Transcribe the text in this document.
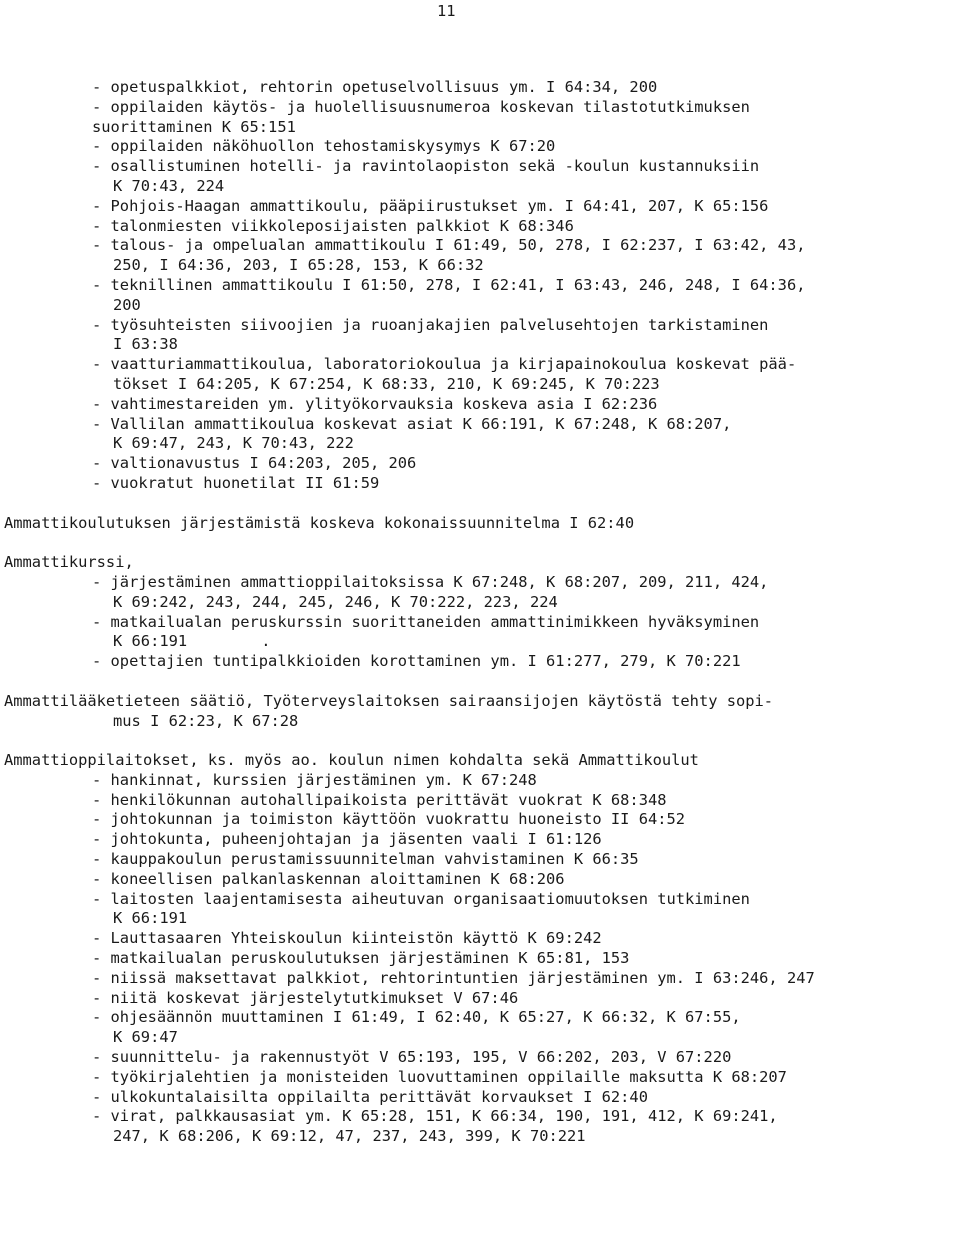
11
- opetuspalkkiot, rehtorin opetuselvollisuus ym. I 64:34, 200
- oppilaiden käytös- ja huolellisuusnumeroa koskevan tilastotutkimuksen
suorittaminen K 65:151
- oppilaiden näköhuollon tehostamiskysymys K 67:20
- osallistuminen hotelli- ja ravintolaopiston sekä -koulun kustannuksiin
K 70:43, 224
- Pohjois-Haagan ammattikoulu, pääpiirustukset ym. I 64:41, 207, K 65:156
- talonmiesten viikkoleposijaisten palkkiot K 68:346
- talous- ja ompelualan ammattikoulu I 61:49, 50, 278, I 62:237, I 63:42, 43,
250, I 64:36, 203, I 65:28, 153, K 66:32
- teknillinen ammattikoulu I 61:50, 278, I 62:41, I 63:43, 246, 248, I 64:36,
200
- työsuhteisten siivoojien ja ruoanjakajien palvelusehtojen tarkistaminen
I 63:38
- vaatturiammattikoulua, laboratoriokoulua ja kirjapainokoulua koskevat pää-
tökset I 64:205, K 67:254, K 68:33, 210, K 69:245, K 70:223
- vahtimestareiden ym. ylityökorvauksia koskeva asia I 62:236
- Vallilan ammattikoulua koskevat asiat K 66:191, K 67:248, K 68:207,
K 69:47, 243, K 70:43, 222
- valtionavustus I 64:203, 205, 206
- vuokratut huonetilat II 61:59
Ammattikoulutuksen järjestämistä koskeva kokonaissuunnitelma I 62:40
Ammattikurssi,
- järjestäminen ammattioppilaitoksissa K 67:248, K 68:207, 209, 211, 424,
K 69:242, 243, 244, 245, 246, K 70:222, 223, 224
- matkailualan peruskurssin suorittaneiden ammattinimikkeen hyväksyminen
K 66:191        .
- opettajien tuntipalkkioiden korottaminen ym. I 61:277, 279, K 70:221
Ammattilääketieteen säätiö, Työterveyslaitoksen sairaansijojen käytöstä tehty sopi-
mus I 62:23, K 67:28
Ammattioppilaitokset, ks. myös ao. koulun nimen kohdalta sekä Ammattikoulut
- hankinnat, kurssien järjestäminen ym. K 67:248
- henkilökunnan autohallipaikoista perittävät vuokrat K 68:348
- johtokunnan ja toimiston käyttöön vuokrattu huoneisto II 64:52
- johtokunta, puheenjohtajan ja jäsenten vaali I 61:126
- kauppakoulun perustamissuunnitelman vahvistaminen K 66:35
- koneellisen palkanlaskennan aloittaminen K 68:206
- laitosten laajentamisesta aiheutuvan organisaatiomuutoksen tutkiminen
K 66:191
- Lauttasaaren Yhteiskoulun kiinteistön käyttö K 69:242
- matkailualan peruskoulutuksen järjestäminen K 65:81, 153
- niissä maksettavat palkkiot, rehtorintuntien järjestäminen ym. I 63:246, 247
- niitä koskevat järjestelytutkimukset V 67:46
- ohjesäännön muuttaminen I 61:49, I 62:40, K 65:27, K 66:32, K 67:55,
K 69:47
- suunnittelu- ja rakennustyöt V 65:193, 195, V 66:202, 203, V 67:220
- työkirjalehtien ja monisteiden luovuttaminen oppilaille maksutta K 68:207
- ulkokuntalaisilta oppilailta perittävät korvaukset I 62:40
- virat, palkkausasiat ym. K 65:28, 151, K 66:34, 190, 191, 412, K 69:241,
247, K 68:206, K 69:12, 47, 237, 243, 399, K 70:221
